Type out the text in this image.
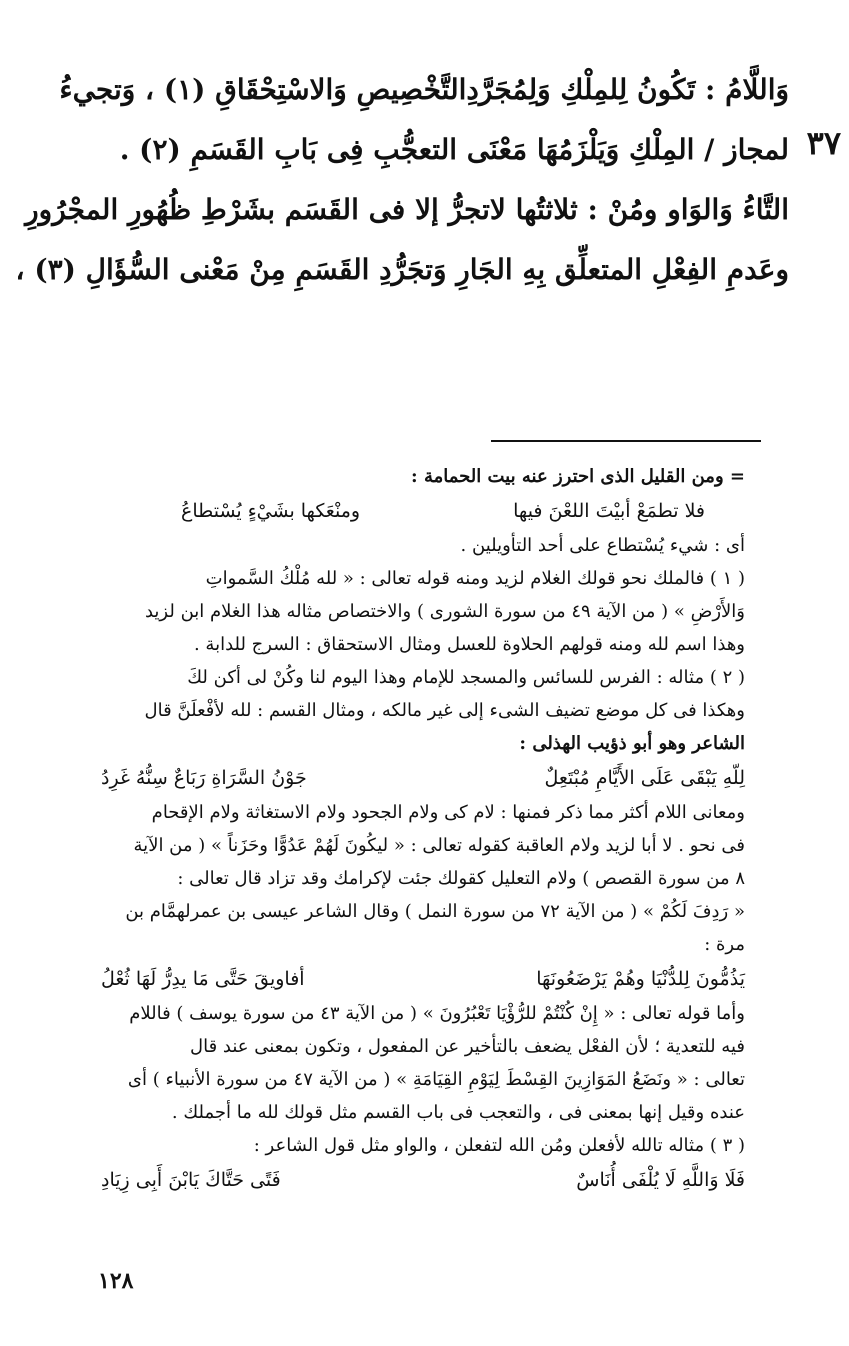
٣٧

وَاللَّامُ : تَكُونُ لِلمِلْكِ وَلِمُجَرَّدِالتَّخْصِيصِ وَالاسْتِحْقَاقِ (١) ، وَتجيءُ

لمجاز / المِلْكِ وَيَلْزَمُهَا مَعْنَى التعجُّبِ فِى بَابِ القَسَمِ (٢) .

التَّاءُ وَالوَاو ومُنْ : ثلاثتُها لاتجرُّ إلا فى القَسَم بشَرْطِ ظُهُورِ المجْرُورِ

وعَدمِ الفِعْلِ المتعلِّق بِهِ الجَارِ وَتجَرُّدِ القَسَمِ مِنْ مَعْنى السُّؤَالِ (٣) ،

= ومن القليل الذى احترز عنه بيت الحمامة :

فلا تطمَعْ أبيْتَ اللعْنَ فيها
ومنْعَكها بشَيْءٍ يُسْتطاعُ

أى : شيء يُسْتطاع على أحد التأويلين .

( ١ ) فالملك نحو قولك الغلام لزيد ومنه قوله تعالى : « لله مُلْكُ السَّمواتِ

وَالأَرْضِ » ( من الآية ٤٩ من سورة الشورى ) والاختصاص مثاله هذا الغلام ابن لزيد

وهذا اسم لله ومنه قولهم الحلاوة للعسل ومثال الاستحقاق : السرج للدابة .

( ٢ ) مثاله : الفرس للسائس والمسجد للإمام وهذا اليوم لنا وكُنْ لى أكن لكَ

وهكذا فى كل موضع تضيف الشىء إلى غير مالكه ، ومثال القسم : لله لأفْعلَنَّ قال

الشاعر وهو أبو ذؤيب الهذلى :

لِلّهِ يَبْقَى عَلَى الأَيَّامِ مُبْتَعِلٌ
جَوْنُ السَّرَاةِ رَبَاعٌ سِنُّهُ غَرِدُ

ومعانى اللام أكثر مما ذكر فمنها : لام كى ولام الجحود ولام الاستغاثة ولام الإقحام

فى نحو . لا أبا لزيد ولام العاقبة كقوله تعالى : « ليكُونَ لَهُمْ عَدُوًّا وحَزَناً » ( من الآية

٨ من سورة القصص ) ولام التعليل كقولك جئت لإكرامك وقد تزاد قال تعالى :

« رَدِفَ لَكُمْ » ( من الآية ٧٢ من سورة النمل ) وقال الشاعر عيسى بن عمرلهمَّام بن

مرة :

يَذُمُّونَ لِلدُّنْيَا وهُمْ يَرْضَعُونَهَا
أفاويقَ حَتَّى مَا يدِرُّ لَهَا ثُعْلُ

وأما قوله تعالى : « إِنْ كُنْتُمْ للرُّؤْيَا تَعْبُرُونَ » ( من الآية ٤٣ من سورة يوسف ) فاللام

فيه للتعدية ؛ لأن الفعْل يضعف بالتأخير عن المفعول ، وتكون بمعنى عند قال

تعالى : « ونَضَعُ المَوَازِينَ القِسْطَ لِيَوْمِ القِيَامَةِ » ( من الآية ٤٧ من سورة الأنبياء ) أى

عنده وقيل إنها بمعنى فى ، والتعجب فى باب القسم مثل قولك لله ما أجملك .

( ٣ ) مثاله تالله لأفعلن ومُن الله لتفعلن ، والواو مثل قول الشاعر :

فَلَا وَاللَّهِ لَا يُلْفَى أُنَاسٌ
فَتًى حَتَّاكَ يَابْنَ أَبِى زِيَادِ
١٢٨
